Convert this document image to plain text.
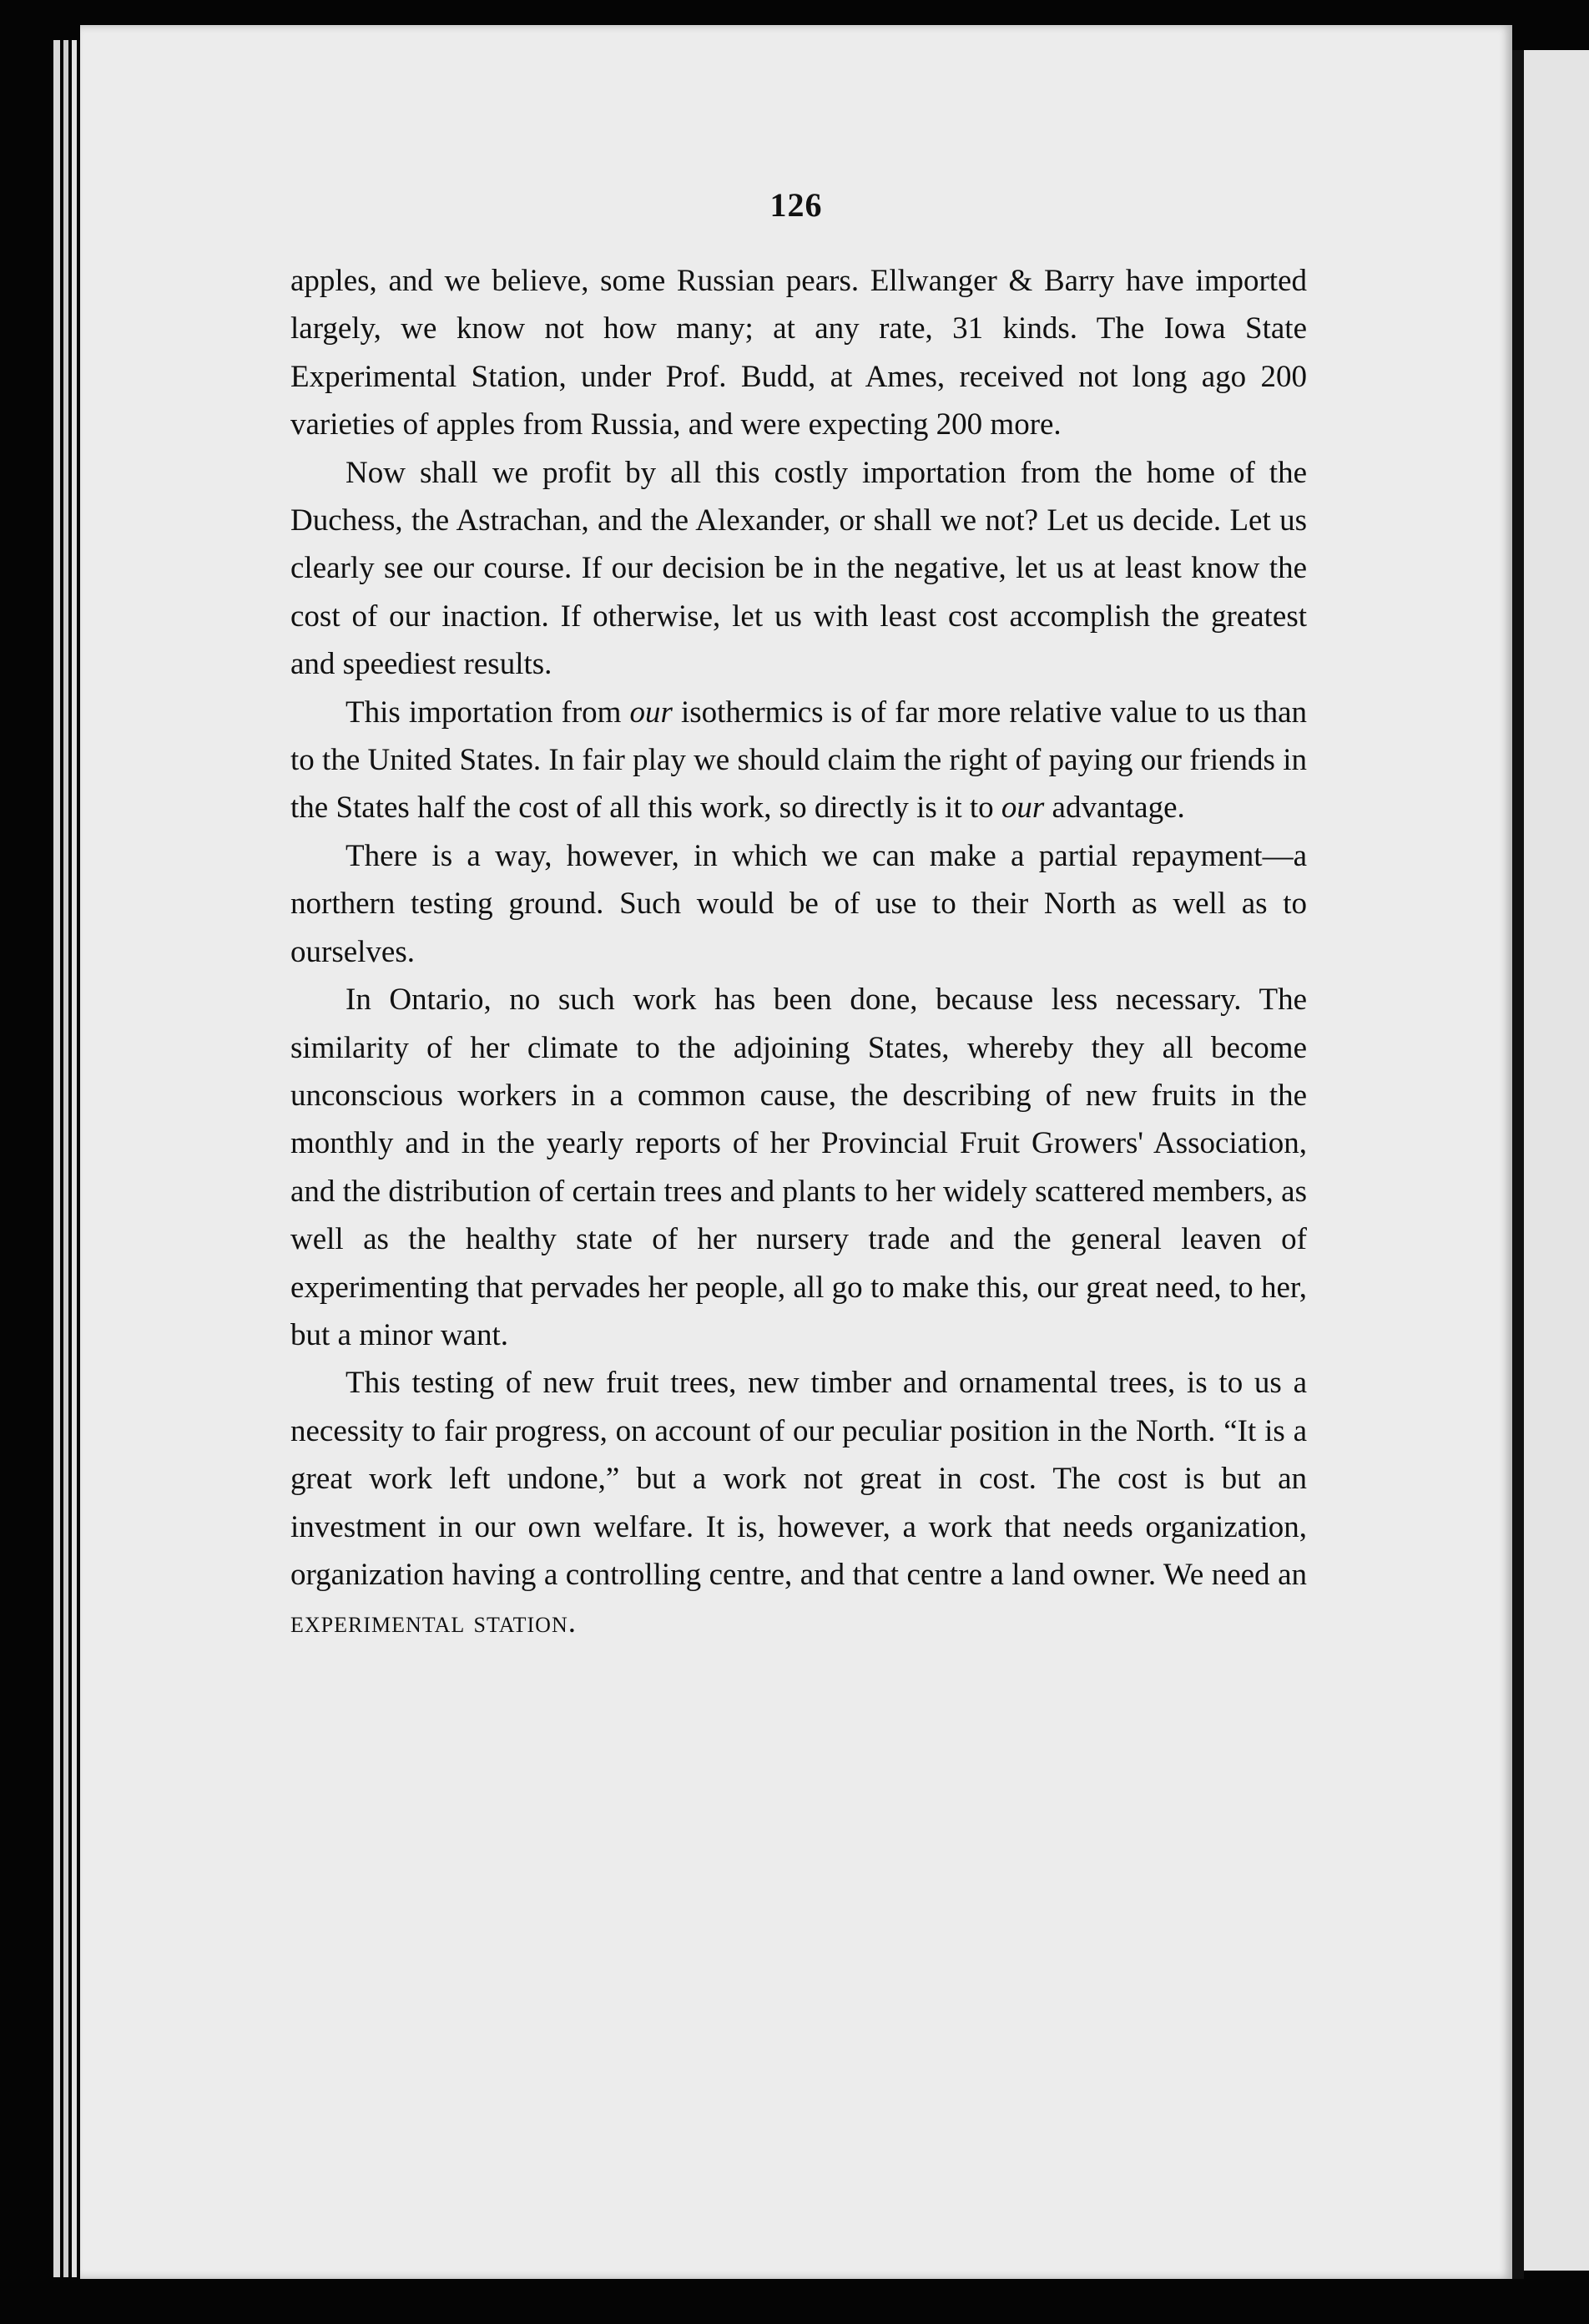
126

apples, and we believe, some Russian pears. Ellwanger & Barry have imported largely, we know not how many; at any rate, 31 kinds. The Iowa State Experimental Station, under Prof. Budd, at Ames, received not long ago 200 varieties of apples from Russia, and were expecting 200 more.

Now shall we profit by all this costly importation from the home of the Duchess, the Astrachan, and the Alexander, or shall we not? Let us decide. Let us clearly see our course. If our decision be in the negative, let us at least know the cost of our inaction. If otherwise, let us with least cost accomplish the greatest and speediest results.

This importation from our isothermics is of far more relative value to us than to the United States. In fair play we should claim the right of paying our friends in the States half the cost of all this work, so directly is it to our advantage.

There is a way, however, in which we can make a partial repayment—a northern testing ground. Such would be of use to their North as well as to ourselves.

In Ontario, no such work has been done, because less necessary. The similarity of her climate to the adjoining States, whereby they all become unconscious workers in a common cause, the describing of new fruits in the monthly and in the yearly reports of her Provincial Fruit Growers' Association, and the distribution of certain trees and plants to her widely scattered members, as well as the healthy state of her nursery trade and the general leaven of experimenting that pervades her people, all go to make this, our great need, to her, but a minor want.

This testing of new fruit trees, new timber and ornamental trees, is to us a necessity to fair progress, on account of our peculiar position in the North. “It is a great work left undone,” but a work not great in cost. The cost is but an investment in our own welfare. It is, however, a work that needs organization, organization having a controlling centre, and that centre a land owner. We need an experimental station.
